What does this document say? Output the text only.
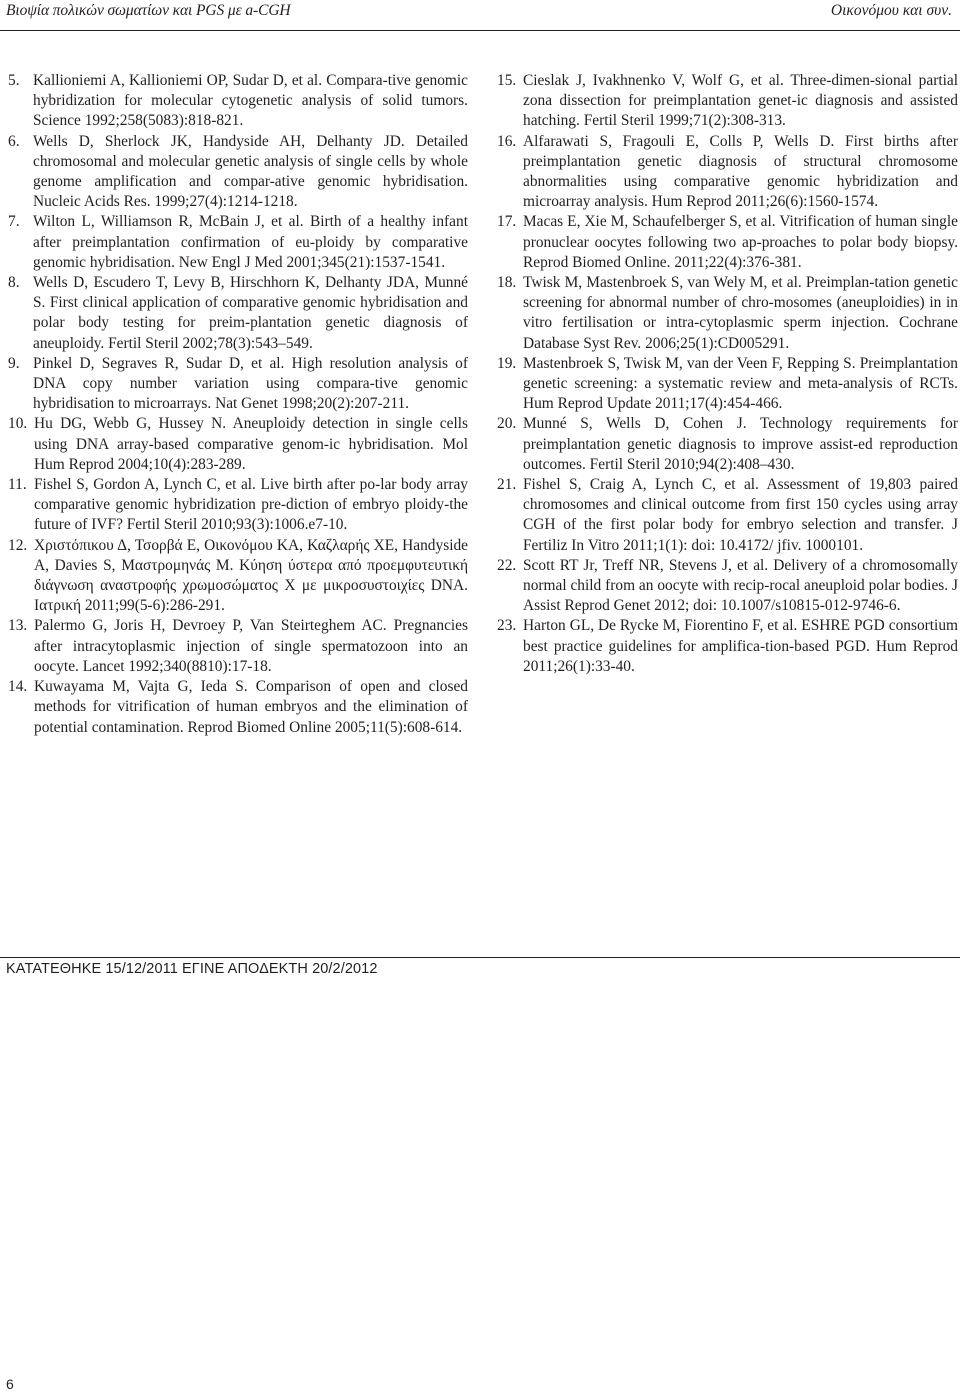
Βιοψία πολικών σωματίων και PGS με a-CGH	Οικονόμου και συν.
5. Kallioniemi A, Kallioniemi OP, Sudar D, et al. Compara-tive genomic hybridization for molecular cytogenetic analysis of solid tumors. Science 1992;258(5083):818-821.
6. Wells D, Sherlock JK, Handyside AH, Delhanty JD. Detailed chromosomal and molecular genetic analysis of single cells by whole genome amplification and compar-ative genomic hybridisation. Nucleic Acids Res. 1999;27(4):1214-1218.
7. Wilton L, Williamson R, McBain J, et al. Birth of a healthy infant after preimplantation confirmation of eu-ploidy by comparative genomic hybridisation. New Engl J Med 2001;345(21):1537-1541.
8. Wells D, Escudero T, Levy B, Hirschhorn K, Delhanty JDA, Munné S. First clinical application of comparative genomic hybridisation and polar body testing for preim-plantation genetic diagnosis of aneuploidy. Fertil Steril 2002;78(3):543–549.
9. Pinkel D, Segraves R, Sudar D, et al. High resolution analysis of DNA copy number variation using compara-tive genomic hybridisation to microarrays. Nat Genet 1998;20(2):207-211.
10. Hu DG, Webb G, Hussey N. Aneuploidy detection in single cells using DNA array-based comparative genom-ic hybridisation. Mol Hum Reprod 2004;10(4):283-289.
11. Fishel S, Gordon A, Lynch C, et al. Live birth after po-lar body array comparative genomic hybridization pre-diction of embryo ploidy-the future of IVF? Fertil Steril 2010;93(3):1006.e7-10.
12. Χριστόπικου Δ, Τσορβά Ε, Οικονόμου ΚΑ, Καζλαρής ΧΕ, Handyside A, Davies S, Μαστρομηνάς Μ. Κύηση ύστερα από προεμφυτευτική διάγνωση αναστροφής χρωμοσώματος Χ με μικροσυστοιχίες DNA. Ιατρική 2011;99(5-6):286-291.
13. Palermo G, Joris H, Devroey P, Van Steirteghem AC. Pregnancies after intracytoplasmic injection of single spermatozoon into an oocyte. Lancet 1992;340(8810):17-18.
14. Kuwayama M, Vajta G, Ieda S. Comparison of open and closed methods for vitrification of human embryos and the elimination of potential contamination. Reprod Biomed Online 2005;11(5):608-614.
15. Cieslak J, Ivakhnenko V, Wolf G, et al. Three-dimen-sional partial zona dissection for preimplantation genet-ic diagnosis and assisted hatching. Fertil Steril 1999;71(2):308-313.
16. Alfarawati S, Fragouli E, Colls P, Wells D. First births after preimplantation genetic diagnosis of structural chromosome abnormalities using comparative genomic hybridization and microarray analysis. Hum Reprod 2011;26(6):1560-1574.
17. Macas E, Xie M, Schaufelberger S, et al. Vitrification of human single pronuclear oocytes following two ap-proaches to polar body biopsy. Reprod Biomed Online. 2011;22(4):376-381.
18. Twisk M, Mastenbroek S, van Wely M, et al. Preimplan-tation genetic screening for abnormal number of chro-mosomes (aneuploidies) in in vitro fertilisation or intra-cytoplasmic sperm injection. Cochrane Database Syst Rev. 2006;25(1):CD005291.
19. Mastenbroek S, Twisk M, van der Veen F, Repping S. Preimplantation genetic screening: a systematic review and meta-analysis of RCTs. Hum Reprod Update 2011;17(4):454-466.
20. Munné S, Wells D, Cohen J. Technology requirements for preimplantation genetic diagnosis to improve assist-ed reproduction outcomes. Fertil Steril 2010;94(2):408–430.
21. Fishel S, Craig A, Lynch C, et al. Assessment of 19,803 paired chromosomes and clinical outcome from first 150 cycles using array CGH of the first polar body for embryo selection and transfer. J Fertiliz In Vitro 2011;1(1): doi: 10.4172/ jfiv. 1000101.
22. Scott RT Jr, Treff NR, Stevens J, et al. Delivery of a chromosomally normal child from an oocyte with recip-rocal aneuploid polar bodies. J Assist Reprod Genet 2012; doi: 10.1007/s10815-012-9746-6.
23. Harton GL, De Rycke M, Fiorentino F, et al. ESHRE PGD consortium best practice guidelines for amplifica-tion-based PGD. Hum Reprod 2011;26(1):33-40.
ΚΑΤΑΤΕΘΗΚΕ 15/12/2011 ΕΓΙΝΕ ΑΠΟΔΕΚΤΗ 20/2/2012
6
